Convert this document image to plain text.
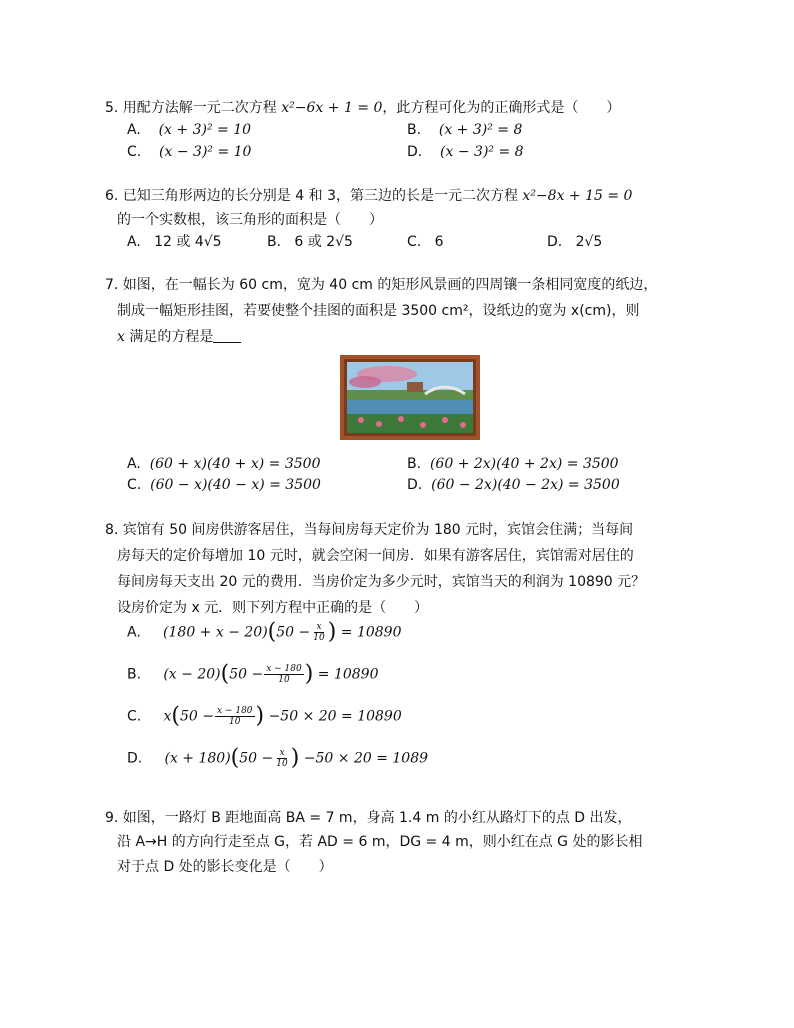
5. 用配方法解一元二次方程 x²−6x + 1 = 0，此方程可化为的正确形式是（　　）
A. (x + 3)² = 10	B. (x + 3)² = 8
C. (x − 3)² = 10	D. (x − 3)² = 8
6. 已知三角形两边的长分别是 4 和 3，第三边的长是一元二次方程 x²−8x + 15 = 0
的一个实数根，该三角形的面积是（　　）
A. 12 或 4√5	B. 6 或 2√5	C. 6	D. 2√5
7. 如图，在一幅长为 60 cm，宽为 40 cm 的矩形风景画的四周镶一条相同宽度的纸边，
制成一幅矩形挂图，若要使整个挂图的面积是 3500 cm²，设纸边的宽为 x(cm)，则
x 满足的方程是
A. (60 + x)(40 + x) = 3500	B. (60 + 2x)(40 + 2x) = 3500
C. (60 − x)(40 − x) = 3500	D. (60 − 2x)(40 − 2x) = 3500
8. 宾馆有 50 间房供游客居住，当每间房每天定价为 180 元时，宾馆会住满；当每间
房每天的定价每增加 10 元时，就会空闲一间房．如果有游客居住，宾馆需对居住的
每间房每天支出 20 元的费用．当房价定为多少元时，宾馆当天的利润为 10890 元？
设房价定为 x 元．则下列方程中正确的是（　　）
A. $(180 + x - 20)(50 - \frac{x}{10}$ ) = 10890
B. $(x - 20)(50 - \frac{x - 180}{10}$ ) = 10890
C. $x(50 - \frac{x - 180}{10}$ ) −50 × 20 = 10890
D. $(x + 180)(50 - \frac{x}{10}$ ) −50 × 20 = 1089
9. 如图，一路灯 B 距地面高 BA = 7 m，身高 1.4 m 的小红从路灯下的点 D 出发，
沿 A→H 的方向行走至点 G，若 AD = 6 m，DG = 4 m，则小红在点 G 处的影长相
对于点 D 处的影长变化是（　　）
